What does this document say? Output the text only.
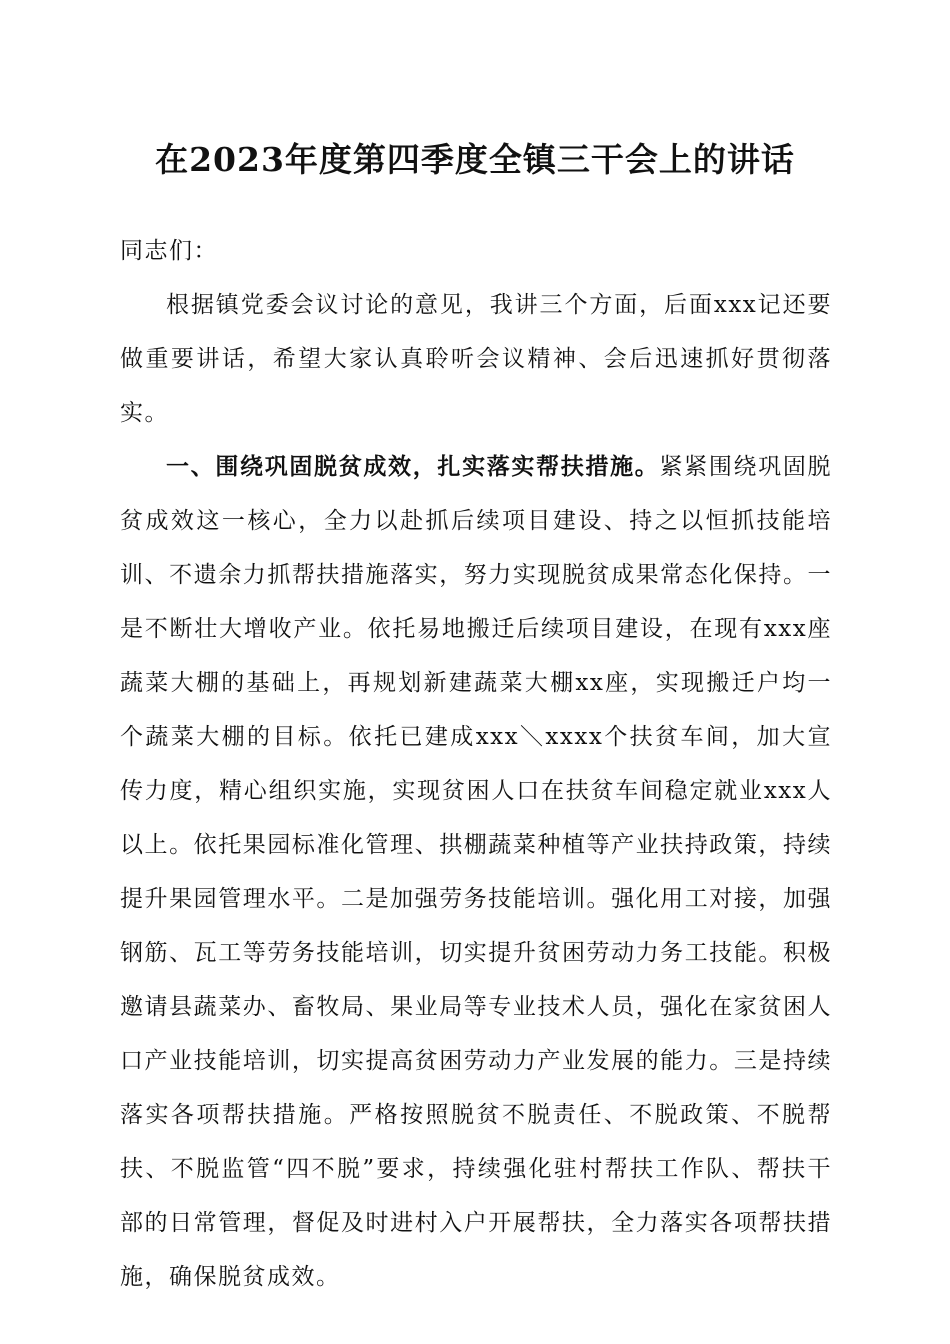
在2023年度第四季度全镇三干会上的讲话

同志们：

根据镇党委会议讨论的意见，我讲三个方面，后面xxx记还要做重要讲话，希望大家认真聆听会议精神、会后迅速抓好贯彻落实。

一、围绕巩固脱贫成效，扎实落实帮扶措施。紧紧围绕巩固脱贫成效这一核心，全力以赴抓后续项目建设、持之以恒抓技能培训、不遗余力抓帮扶措施落实，努力实现脱贫成果常态化保持。一是不断壮大增收产业。依托易地搬迁后续项目建设，在现有xxx座蔬菜大棚的基础上，再规划新建蔬菜大棚xx座，实现搬迁户均一个蔬菜大棚的目标。依托已建成xxx＼xxxx个扶贫车间，加大宣传力度，精心组织实施，实现贫困人口在扶贫车间稳定就业xxx人以上。依托果园标准化管理、拱棚蔬菜种植等产业扶持政策，持续提升果园管理水平。二是加强劳务技能培训。强化用工对接，加强钢筋、瓦工等劳务技能培训，切实提升贫困劳动力务工技能。积极邀请县蔬菜办、畜牧局、果业局等专业技术人员，强化在家贫困人口产业技能培训，切实提高贫困劳动力产业发展的能力。三是持续落实各项帮扶措施。严格按照脱贫不脱责任、不脱政策、不脱帮扶、不脱监管“四不脱”要求，持续强化驻村帮扶工作队、帮扶干部的日常管理，督促及时进村入户开展帮扶，全力落实各项帮扶措施，确保脱贫成效。
